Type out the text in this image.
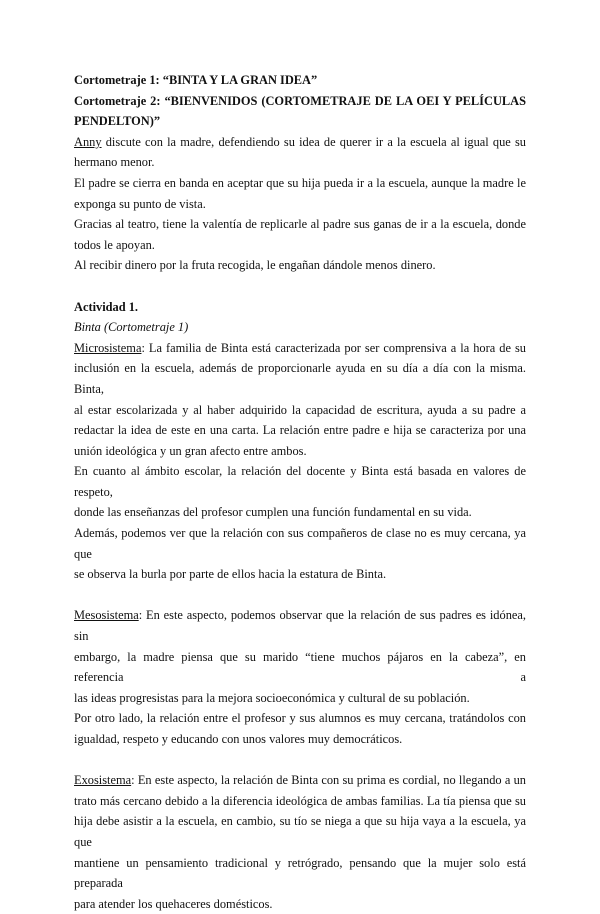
Cortometraje 1: “BINTA Y LA GRAN IDEA”

Cortometraje 2: “BIENVENIDOS (CORTOMETRAJE DE LA OEI Y PELÍCULAS

PENDELTON)”

Anny discute con la madre, defendiendo su idea de querer ir a la escuela al igual que su

hermano menor.

El padre se cierra en banda en aceptar que su hija pueda ir a la escuela, aunque la madre le

exponga su punto de vista.

Gracias al teatro, tiene la valentía de replicarle al padre sus ganas de ir a la escuela, donde

todos le apoyan.

Al recibir dinero por la fruta recogida, le engañan dándole menos dinero.

Actividad 1.

Binta (Cortometraje 1)

Microsistema: La familia de Binta está caracterizada por ser comprensiva a la hora de su

inclusión en la escuela, además de proporcionarle ayuda en su día a día con la misma. Binta,

al estar escolarizada y al haber adquirido la capacidad de escritura, ayuda a su padre a

redactar la idea de este en una carta. La relación entre padre e hija se caracteriza por una

unión ideológica y un gran afecto entre ambos.

En cuanto al ámbito escolar, la relación del docente y Binta está basada en valores de respeto,

donde las enseñanzas del profesor cumplen una función fundamental en su vida.

Además, podemos ver que la relación con sus compañeros de clase no es muy cercana, ya que

se observa la burla por parte de ellos hacia la estatura de Binta.

Mesosistema: En este aspecto, podemos observar que la relación de sus padres es idónea, sin

embargo, la madre piensa que su marido “tiene muchos pájaros en la cabeza”, en referencia a

las ideas progresistas para la mejora socioeconómica y cultural de su población.

Por otro lado, la relación entre el profesor y sus alumnos es muy cercana, tratándolos con

igualdad, respeto y educando con unos valores muy democráticos.

Exosistema: En este aspecto, la relación de Binta con su prima es cordial, no llegando a un

trato más cercano debido a la diferencia ideológica de ambas familias. La tía piensa que su

hija debe asistir a la escuela, en cambio, su tío se niega a que su hija vaya a la escuela, ya que

mantiene un pensamiento tradicional y retrógrado, pensando que la mujer solo está preparada

para atender los quehaceres domésticos.
